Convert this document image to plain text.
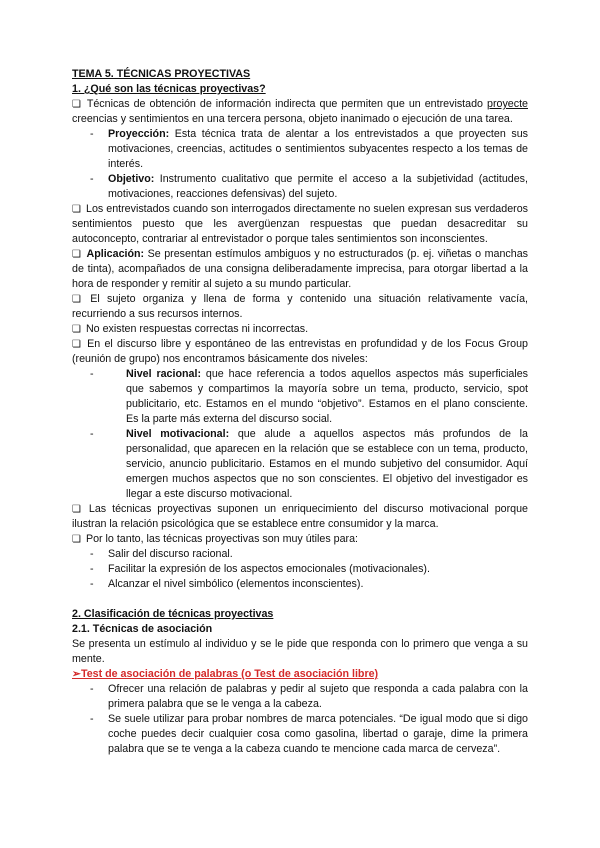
TEMA 5. TÉCNICAS PROYECTIVAS

1. ¿Qué son las técnicas proyectivas?

❏ Técnicas de obtención de información indirecta que permiten que un entrevistado proyecte creencias y sentimientos en una tercera persona, objeto inanimado o ejecución de una tarea.

- Proyección: Esta técnica trata de alentar a los entrevistados a que proyecten sus motivaciones, creencias, actitudes o sentimientos subyacentes respecto a los temas de interés.
- Objetivo: Instrumento cualitativo que permite el acceso a la subjetividad (actitudes, motivaciones, reacciones defensivas) del sujeto.

❏ Los entrevistados cuando son interrogados directamente no suelen expresan sus verdaderos sentimientos puesto que les avergüenzan respuestas que puedan desacreditar su autoconcepto, contrariar al entrevistador o porque tales sentimientos son inconscientes.

❏ Aplicación: Se presentan estímulos ambiguos y no estructurados (p. ej. viñetas o manchas de tinta), acompañados de una consigna deliberadamente imprecisa, para otorgar libertad a la hora de responder y remitir al sujeto a su mundo particular.

❏ El sujeto organiza y llena de forma y contenido una situación relativamente vacía, recurriendo a sus recursos internos.

❏ No existen respuestas correctas ni incorrectas.

❏ En el discurso libre y espontáneo de las entrevistas en profundidad y de los Focus Group (reunión de grupo) nos encontramos básicamente dos niveles:

-	Nivel racional: que hace referencia a todos aquellos aspectos más superficiales que sabemos y compartimos la mayoría sobre un tema, producto, servicio, spot publicitario, etc. Estamos en el mundo “objetivo”. Estamos en el plano consciente. Es la parte más externa del discurso social.
-	Nivel motivacional: que alude a aquellos aspectos más profundos de la personalidad, que aparecen en la relación que se establece con un tema, producto, servicio, anuncio publicitario. Estamos en el mundo subjetivo del consumidor. Aquí emergen muchos aspectos que no son conscientes. El objetivo del investigador es llegar a este discurso motivacional.

❏ Las técnicas proyectivas suponen un enriquecimiento del discurso motivacional porque ilustran la relación psicológica que se establece entre consumidor y la marca.

❏ Por lo tanto, las técnicas proyectivas son muy útiles para:

- Salir del discurso racional.
- Facilitar la expresión de los aspectos emocionales (motivacionales).
- Alcanzar el nivel simbólico (elementos inconscientes).

2. Clasificación de técnicas proyectivas

2.1. Técnicas de asociación

Se presenta un estímulo al individuo y se le pide que responda con lo primero que venga a su mente.

➢Test de asociación de palabras (o Test de asociación libre)

- Ofrecer una relación de palabras y pedir al sujeto que responda a cada palabra con la primera palabra que se le venga a la cabeza.
- Se suele utilizar para probar nombres de marca potenciales. “De igual modo que si digo coche puedes decir cualquier cosa como gasolina, libertad o garaje, dime la primera palabra que se te venga a la cabeza cuando te mencione cada marca de cerveza”.
